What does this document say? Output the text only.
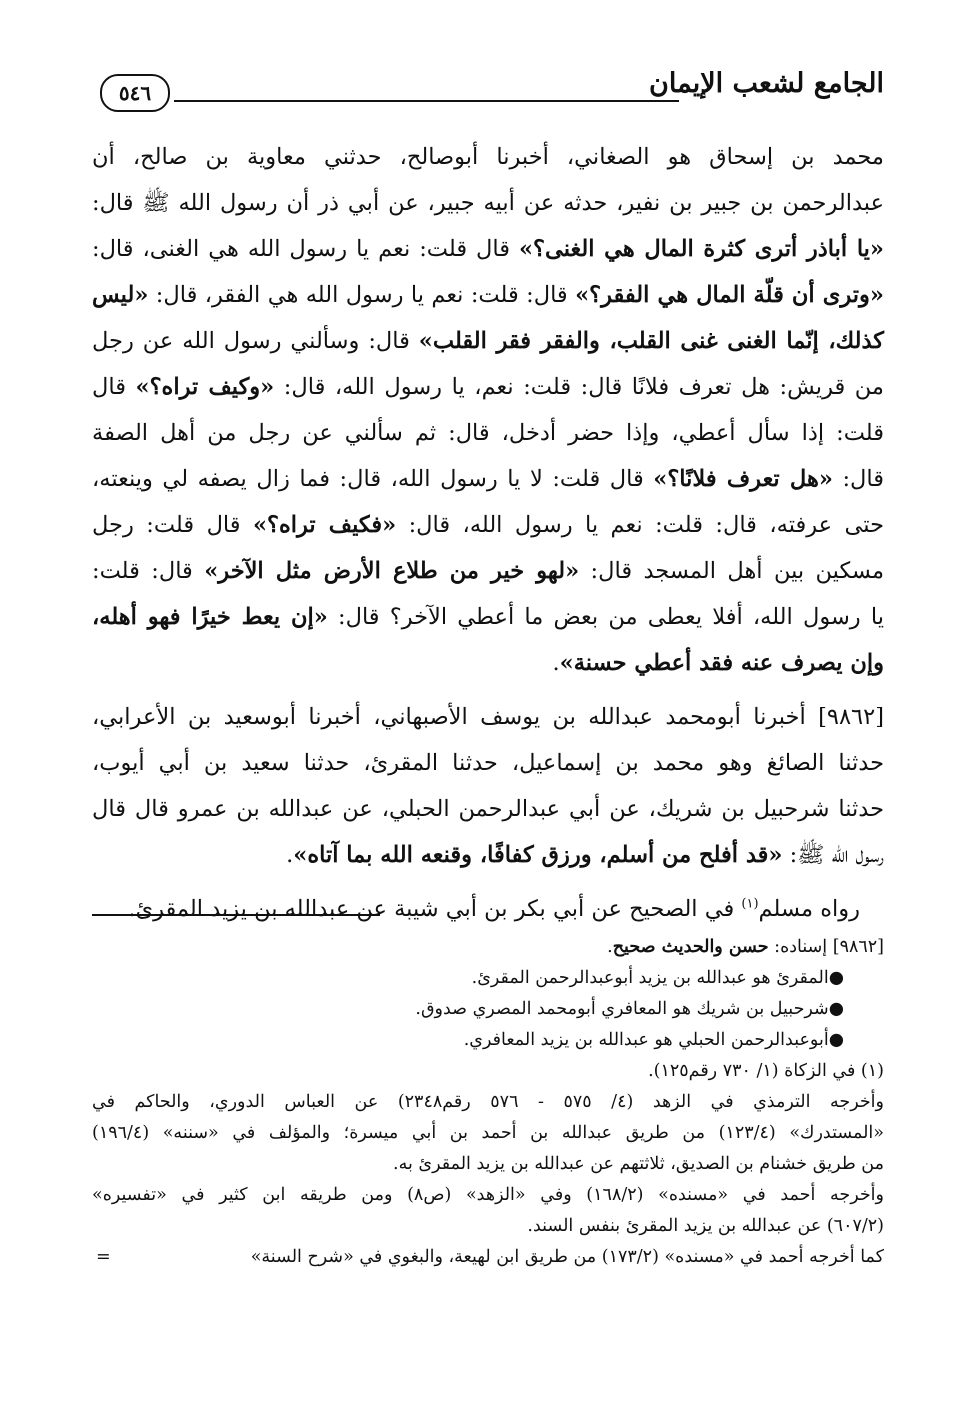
الجامع لشعب الإيمان
٥٤٦
محمد بن إسحاق هو الصغاني، أخبرنا أبوصالح، حدثني معاوية بن صالح، أن
عبدالرحمن بن جبير بن نفير، حدثه عن أبيه جبير، عن أبي ذر أن رسول الله ﷺ قال:
«يا أباذر أترى كثرة المال هي الغنى؟» قال قلت: نعم يا رسول الله هي الغنى، قال:
«وترى أن قلّة المال هي الفقر؟» قال: قلت: نعم يا رسول الله هي الفقر، قال: «ليس
كذلك، إنّما الغنى غنى القلب، والفقر فقر القلب» قال: وسألني رسول الله عن رجل
من قريش: هل تعرف فلانًا قال: قلت: نعم، يا رسول الله، قال: «وكيف تراه؟» قال
قلت: إذا سأل أعطي، وإذا حضر أدخل، قال: ثم سألني عن رجل من أهل الصفة
قال: «هل تعرف فلانًا؟» قال قلت: لا يا رسول الله، قال: فما زال يصفه لي وينعته،
حتى عرفته، قال: قلت: نعم يا رسول الله، قال: «فكيف تراه؟» قال قلت: رجل
مسكين بين أهل المسجد قال: «لهو خير من طلاع الأرض مثل الآخر» قال: قلت:
يا رسول الله، أفلا يعطى من بعض ما أعطي الآخر؟ قال: «إن يعط خيرًا فهو أهله،
وإن يصرف عنه فقد أعطي حسنة».
[٩٨٦٢] أخبرنا أبومحمد عبدالله بن يوسف الأصبهاني، أخبرنا أبوسعيد بن الأعرابي،
حدثنا الصائغ وهو محمد بن إسماعيل، حدثنا المقرئ، حدثنا سعيد بن أبي أيوب،
حدثنا شرحبيل بن شريك، عن أبي عبدالرحمن الحبلي، عن عبدالله بن عمرو قال قال
رسول الله ﷺ: «قد أفلح من أسلم، ورزق كفافًا، وقنعه الله بما آتاه».
رواه مسلم$^{(١)}$ في الصحيح عن أبي بكر بن أبي شيبة عن عبدالله بن يزيد المقرئ.
[٩٨٦٢] إسناده: حسن والحديث صحيح.
●المقرئ هو عبدالله بن يزيد أبوعبدالرحمن المقرئ.
●شرحبيل بن شريك هو المعافري أبومحمد المصري صدوق.
●أبوعبدالرحمن الحبلي هو عبدالله بن يزيد المعافري.
(١) في الزكاة (١/ ٧٣٠ رقم١٢٥).
وأخرجه الترمذي في الزهد (٤/ ٥٧٥ - ٥٧٦ رقم٢٣٤٨) عن العباس الدوري، والحاكم في
«المستدرك» (١٢٣/٤) من طريق عبدالله بن أحمد بن أبي ميسرة؛ والمؤلف في «سننه» (١٩٦/٤)
من طريق خشنام بن الصديق، ثلاثتهم عن عبدالله بن يزيد المقرئ به.
وأخرجه أحمد في «مسنده» (١٦٨/٢) وفي «الزهد» (ص٨) ومن طريقه ابن كثير في «تفسيره»
(٦٠٧/٢) عن عبدالله بن يزيد المقرئ بنفس السند.
كما أخرجه أحمد في «مسنده» (١٧٣/٢) من طريق ابن لهيعة، والبغوي في «شرح السنة»
=
